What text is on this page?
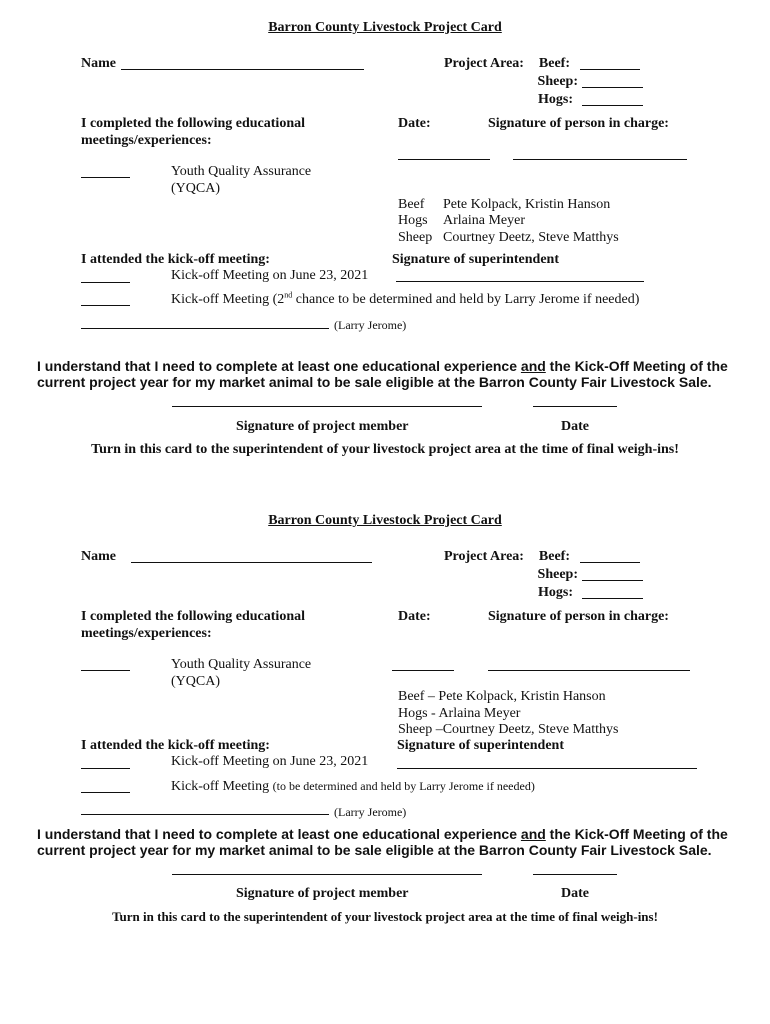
Barron County Livestock Project Card
Name	Project Area:	Beef:
Sheep:
Hogs:
I completed the following educational
meetings/experiences:
Date:	Signature of person in charge:
Youth Quality Assurance
(YQCA)
Beef Pete Kolpack, Kristin Hanson
Hogs Arlaina Meyer
Sheep Courtney Deetz, Steve Matthys
I attended the kick-off meeting:	Signature of superintendent
Kick-off Meeting on June 23, 2021
Kick-off Meeting (2nd chance to be determined and held by Larry Jerome if needed)
(Larry Jerome)
I understand that I need to complete at least one educational experience and the Kick-Off Meeting of the
current project year for my market animal to be sale eligible at the Barron County Fair Livestock Sale.
Signature of project member	Date
Turn in this card to the superintendent of your livestock project area at the time of final weigh-ins!
Barron County Livestock Project Card
Name	Project Area:	Beef:
Sheep:
Hogs:
I completed the following educational
meetings/experiences:
Date:	Signature of person in charge:
Youth Quality Assurance
(YQCA)
Beef – Pete Kolpack, Kristin Hanson
Hogs - Arlaina Meyer
Sheep –Courtney Deetz, Steve Matthys
I attended the kick-off meeting:	Signature of superintendent
Kick-off Meeting on June 23, 2021
Kick-off Meeting (to be determined and held by Larry Jerome if needed)
(Larry Jerome)
I understand that I need to complete at least one educational experience and the Kick-Off Meeting of the
current project year for my market animal to be sale eligible at the Barron County Fair Livestock Sale.
Signature of project member	Date
Turn in this card to the superintendent of your livestock project area at the time of final weigh-ins!
